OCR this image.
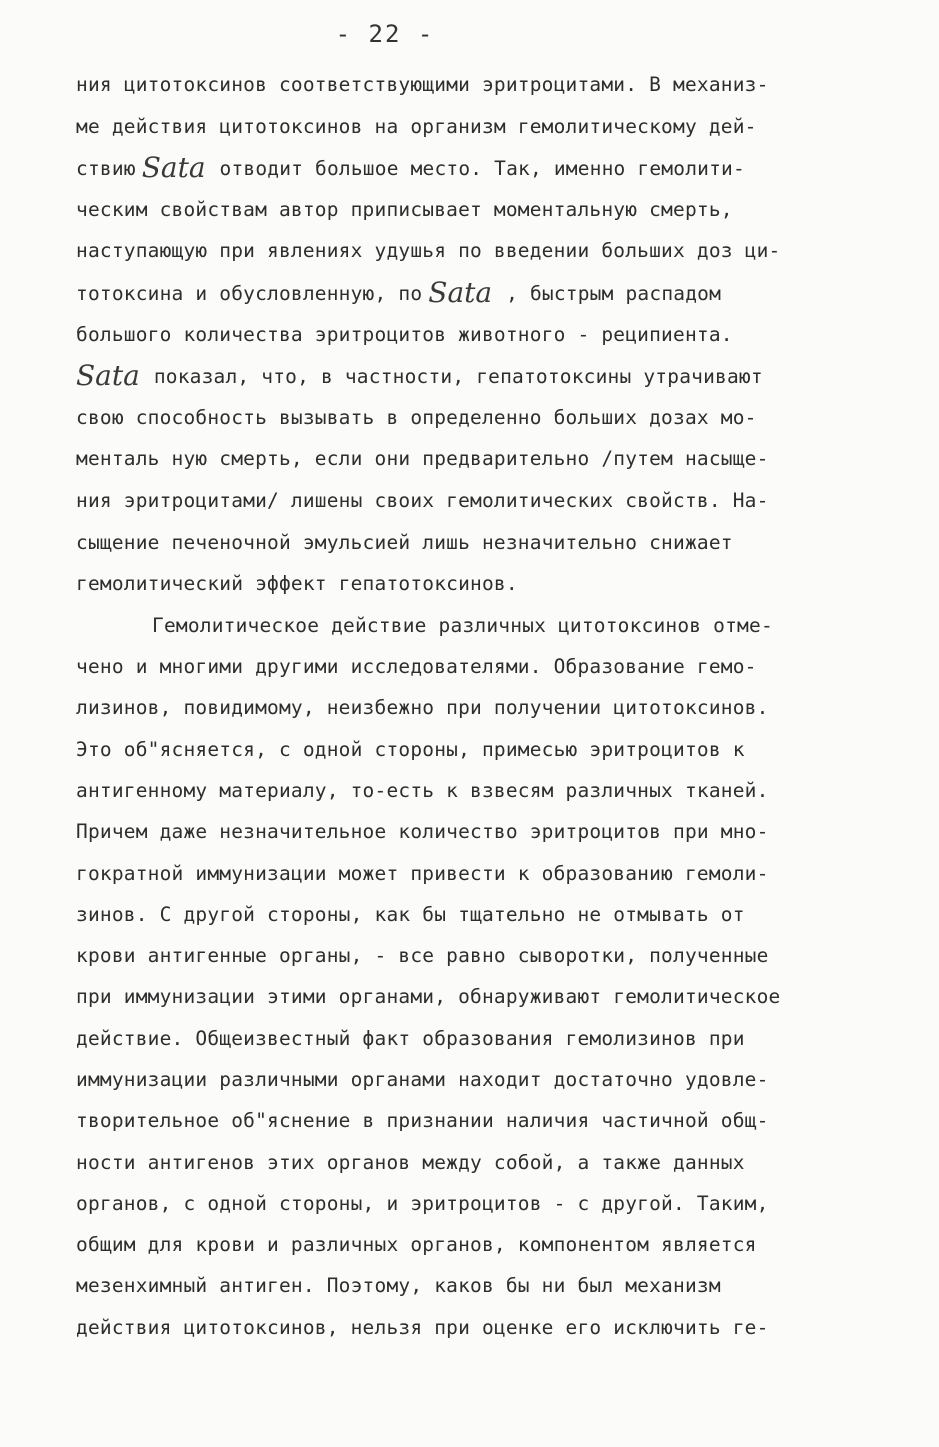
- 22 -
ния цитотоксинов соответствующими эритроцитами. В механиз-
ме действия цитотоксинов на организм гемолитическому дей-
ствию Sata отводит большое место. Так, именно гемолити-
ческим свойствам автор приписывает моментальную смерть,
наступающую при явлениях удушья по введении больших доз ци-
тотоксина и обусловленную, по Sata , быстрым распадом
большого количества эритроцитов животного - реципиента.
Sata показал, что, в частности, гепатотоксины утрачивают
свою способность вызывать в определенно больших дозах мо-
менталь ную смерть, если они предварительно /путем насыще-
ния эритроцитами/ лишены своих гемолитических свойств. На-
сыщение печеночной эмульсией лишь незначительно снижает
гемолитический эффект гепатотоксинов.
Гемолитическое действие различных цитотоксинов отме-
чено и многими другими исследователями. Образование гемо-
лизинов, повидимому, неизбежно при получении цитотоксинов.
Это об"ясняется, с одной стороны, примесью эритроцитов к
антигенному материалу, то-есть к взвесям различных тканей.
Причем даже незначительное количество эритроцитов при мно-
гократной иммунизации может привести к образованию гемоли-
зинов. С другой стороны, как бы тщательно не отмывать от
крови антигенные органы, - все равно сыворотки, полученные
при иммунизации этими органами, обнаруживают гемолитическое
действие. Общеизвестный факт образования гемолизинов при
иммунизации различными органами находит достаточно удовле-
творительное об"яснение в признании наличия частичной общ-
ности антигенов этих органов между собой, а также данных
органов, с одной стороны, и эритроцитов - с другой. Таким,
общим для крови и различных органов, компонентом является
мезенхимный антиген. Поэтому, каков бы ни был механизм
действия цитотоксинов, нельзя при оценке его исключить ге-
